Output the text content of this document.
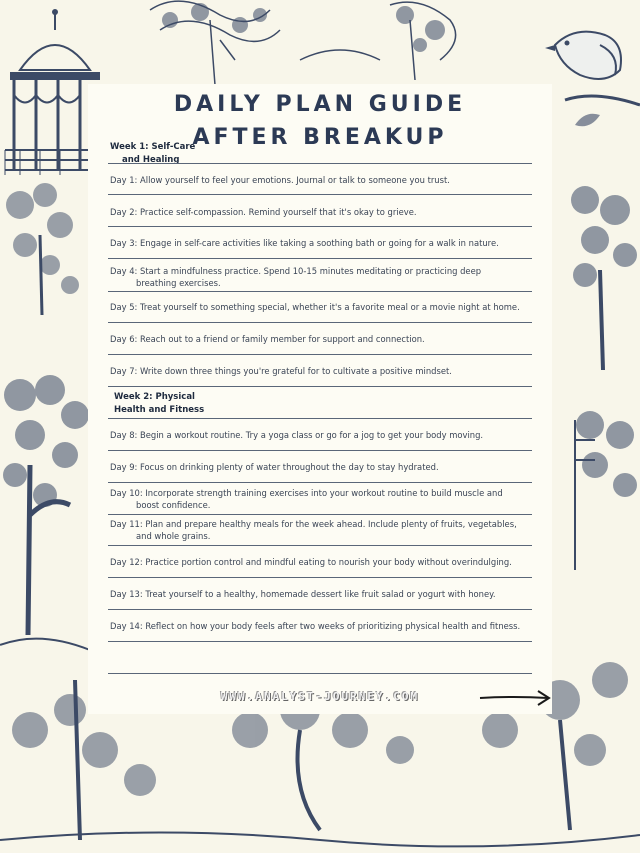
DAILY PLAN GUIDE
AFTER BREAKUP
Week 1: Self-Care
and Healing
Day 1: Allow yourself to feel your emotions. Journal or talk to someone you trust.
Day 2: Practice self-compassion. Remind yourself that it's okay to grieve.
Day 3: Engage in self-care activities like taking a soothing bath or going for a walk in nature.
Day 4: Start a mindfulness practice. Spend 10-15 minutes meditating or practicing deep
breathing exercises.
Day 5: Treat yourself to something special, whether it's a favorite meal or a movie night at home.
Day 6: Reach out to a friend or family member for support and connection.
Day 7: Write down three things you're grateful for to cultivate a positive mindset.
Week 2: Physical
Health and Fitness
Day 8: Begin a workout routine. Try a yoga class or go for a jog to get your body moving.
Day 9: Focus on drinking plenty of water throughout the day to stay hydrated.
Day 10: Incorporate strength training exercises into your workout routine to build muscle and
boost confidence.
Day 11: Plan and prepare healthy meals for the week ahead. Include plenty of fruits, vegetables,
and whole grains.
Day 12: Practice portion control and mindful eating to nourish your body without overindulging.
Day 13: Treat yourself to a healthy, homemade dessert like fruit salad or yogurt with honey.
Day 14: Reflect on how your body feels after two weeks of prioritizing physical health and fitness.
WWW.ANALYST-JOURNEY.COM
